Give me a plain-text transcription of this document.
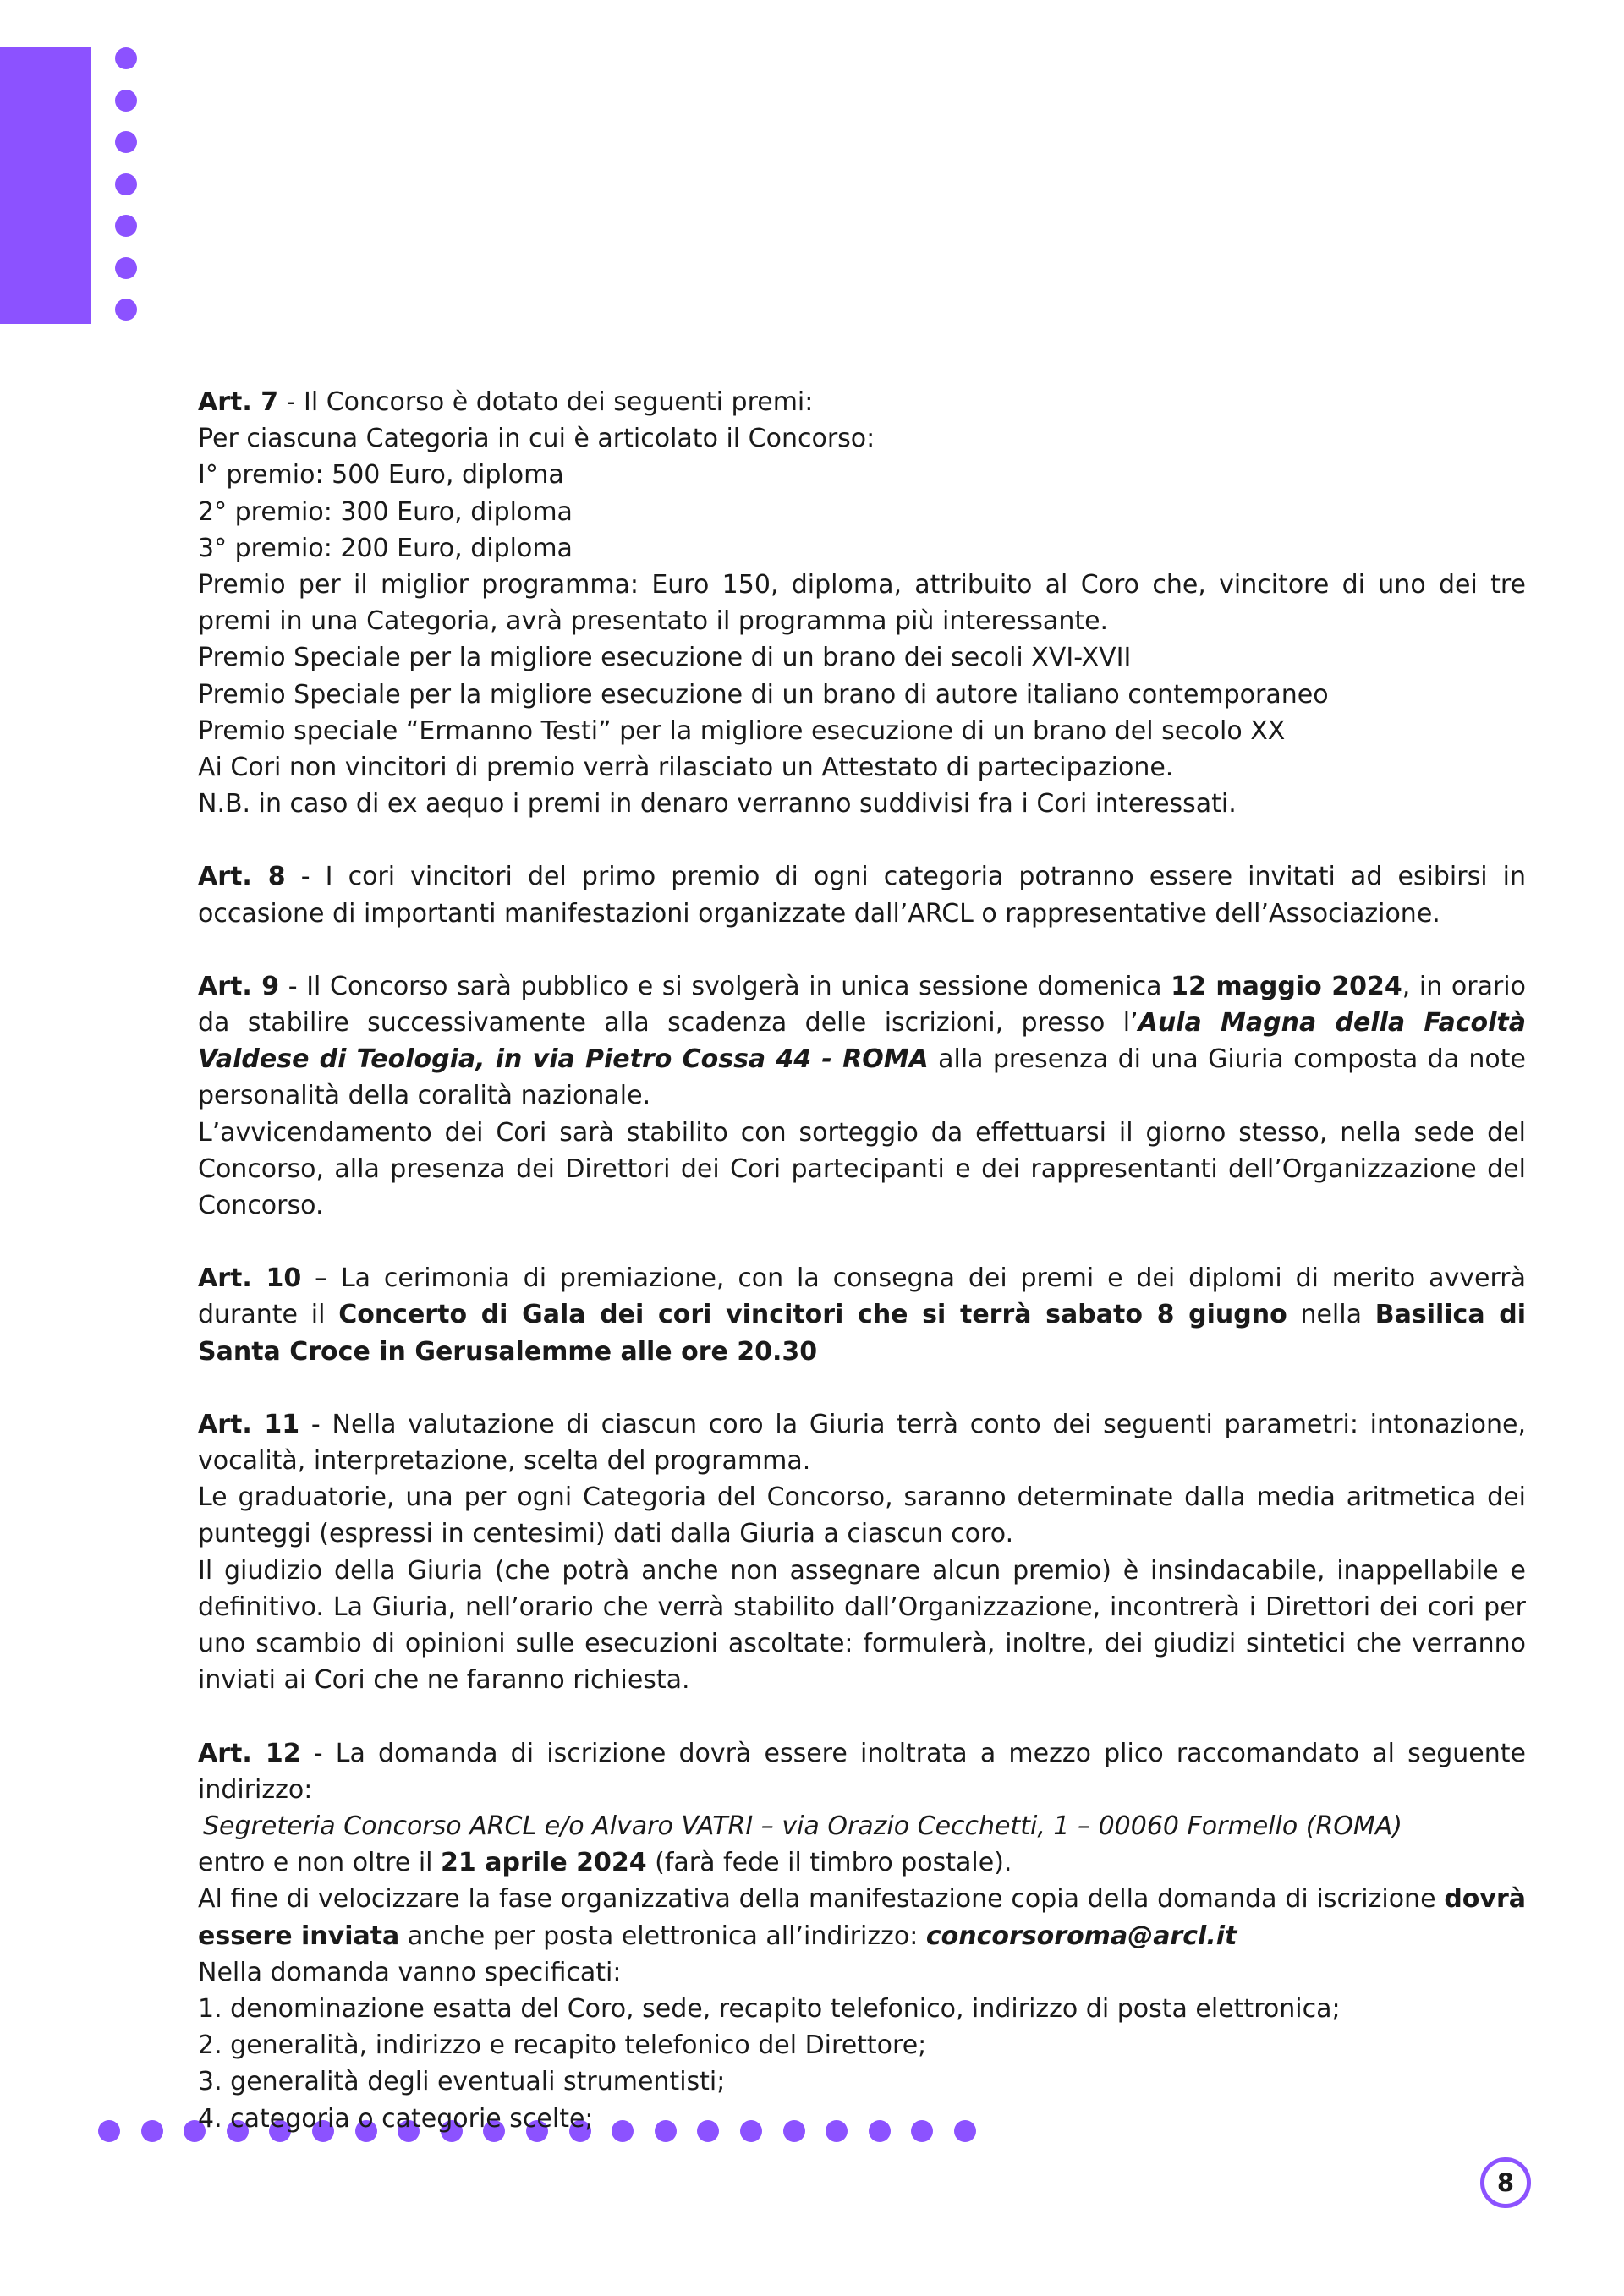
Art. 7 - Il Concorso è dotato dei seguenti premi:

Per ciascuna Categoria in cui è articolato il Concorso:

I° premio: 500 Euro, diploma

2° premio: 300 Euro, diploma

3° premio: 200 Euro, diploma

Premio per il miglior programma: Euro 150, diploma, attribuito al Coro che, vincitore di uno dei tre premi in una Categoria, avrà presentato il programma più interessante.

Premio Speciale per la migliore esecuzione di un brano dei secoli XVI-XVII

Premio Speciale per la migliore esecuzione di un brano di autore italiano contemporaneo

Premio speciale “Ermanno Testi” per la migliore esecuzione di un brano del secolo XX

Ai Cori non vincitori di premio verrà rilasciato un Attestato di partecipazione.

N.B. in caso di ex aequo i premi in denaro verranno suddivisi fra i Cori interessati.

Art. 8 - I cori vincitori del primo premio di ogni categoria potranno essere invitati ad esibirsi in occasione di importanti manifestazioni organizzate dall’ARCL o rappresentative dell’Associazione.

Art. 9 - Il Concorso sarà pubblico e si svolgerà in unica sessione domenica 12 maggio 2024, in orario da stabilire successivamente alla scadenza delle iscrizioni, presso l’Aula Magna della Facoltà Valdese di Teologia, in via Pietro Cossa 44 - ROMA alla presenza di una Giuria composta da note personalità della coralità nazionale.

L’avvicendamento dei Cori sarà stabilito con sorteggio da effettuarsi il giorno stesso, nella sede del Concorso, alla presenza dei Direttori dei Cori partecipanti e dei rappresentanti dell’Organizzazione del Concorso.

Art. 10 – La cerimonia di premiazione, con la consegna dei premi e dei diplomi di merito avverrà durante il Concerto di Gala dei cori vincitori che si terrà sabato 8 giugno nella Basilica di Santa Croce in Gerusalemme alle ore 20.30

Art. 11 - Nella valutazione di ciascun coro la Giuria terrà conto dei seguenti parametri: intonazione, vocalità, interpretazione, scelta del programma.

Le graduatorie, una per ogni Categoria del Concorso, saranno determinate dalla media aritmetica dei punteggi (espressi in centesimi) dati dalla Giuria a ciascun coro.

Il giudizio della Giuria (che potrà anche non assegnare alcun premio) è insindacabile, inappellabile e definitivo. La Giuria, nell’orario che verrà stabilito dall’Organizzazione, incontrerà i Direttori dei cori per uno scambio di opinioni sulle esecuzioni ascoltate: formulerà, inoltre, dei giudizi sintetici che verranno inviati ai Cori che ne faranno richiesta.

Art. 12 - La domanda di iscrizione dovrà essere inoltrata a mezzo plico raccomandato al seguente indirizzo:

Segreteria Concorso ARCL e/o Alvaro VATRI – via Orazio Cecchetti, 1 – 00060 Formello (ROMA)

entro e non oltre il 21 aprile 2024 (farà fede il timbro postale).

Al fine di velocizzare la fase organizzativa della manifestazione copia della domanda di iscrizione dovrà essere inviata anche per posta elettronica all’indirizzo: concorsoroma@arcl.it

Nella domanda vanno specificati:

1. denominazione esatta del Coro, sede, recapito telefonico, indirizzo di posta elettronica;

2. generalità, indirizzo e recapito telefonico del Direttore;

3. generalità degli eventuali strumentisti;

4. categoria o categorie scelte;

8
